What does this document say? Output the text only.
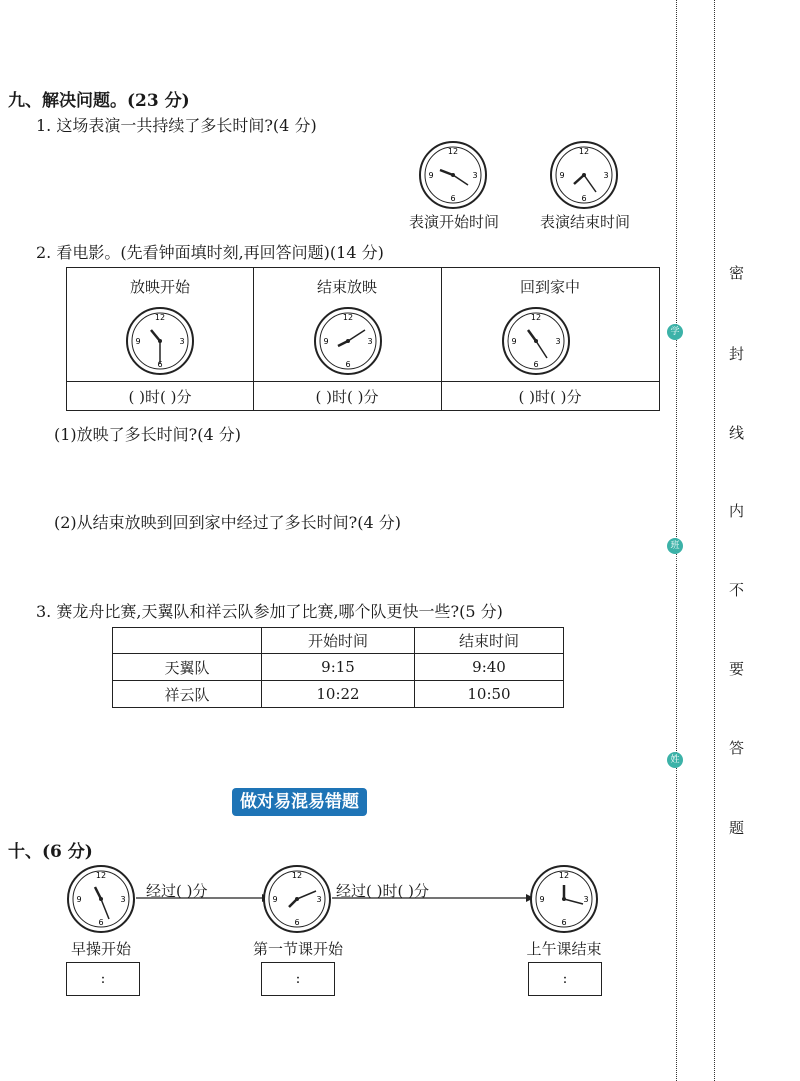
九、解决问题。(23 分)
1. 这场表演一共持续了多长时间?(4 分)
12
3
6
9
12
3
6
9
表演开始时间	表演结束时间
2. 看电影。(先看钟面填时刻,再回答问题)(14 分)
放映开始	结束放映	回到家中
12
3
6
9
12
3
6
9
12
3
6
9
( )时( )分	( )时( )分	( )时( )分
(1)放映了多长时间?(4 分)
(2)从结束放映到回到家中经过了多长时间?(4 分)
3. 赛龙舟比赛,天翼队和祥云队参加了比赛,哪个队更快一些?(5 分)
	开始时间	结束时间
天翼队	9:15	9:40
祥云队	10:22	10:50
做对易混易错题
十、(6 分)
经过( )分	经过( )时( )分
12
3
6
9
12
3
6
9
12
3
6
9
早操开始	第一节课开始	上午课结束
:	:	:
学校
班级
姓名
密
封
线
内
不
要
答
题
